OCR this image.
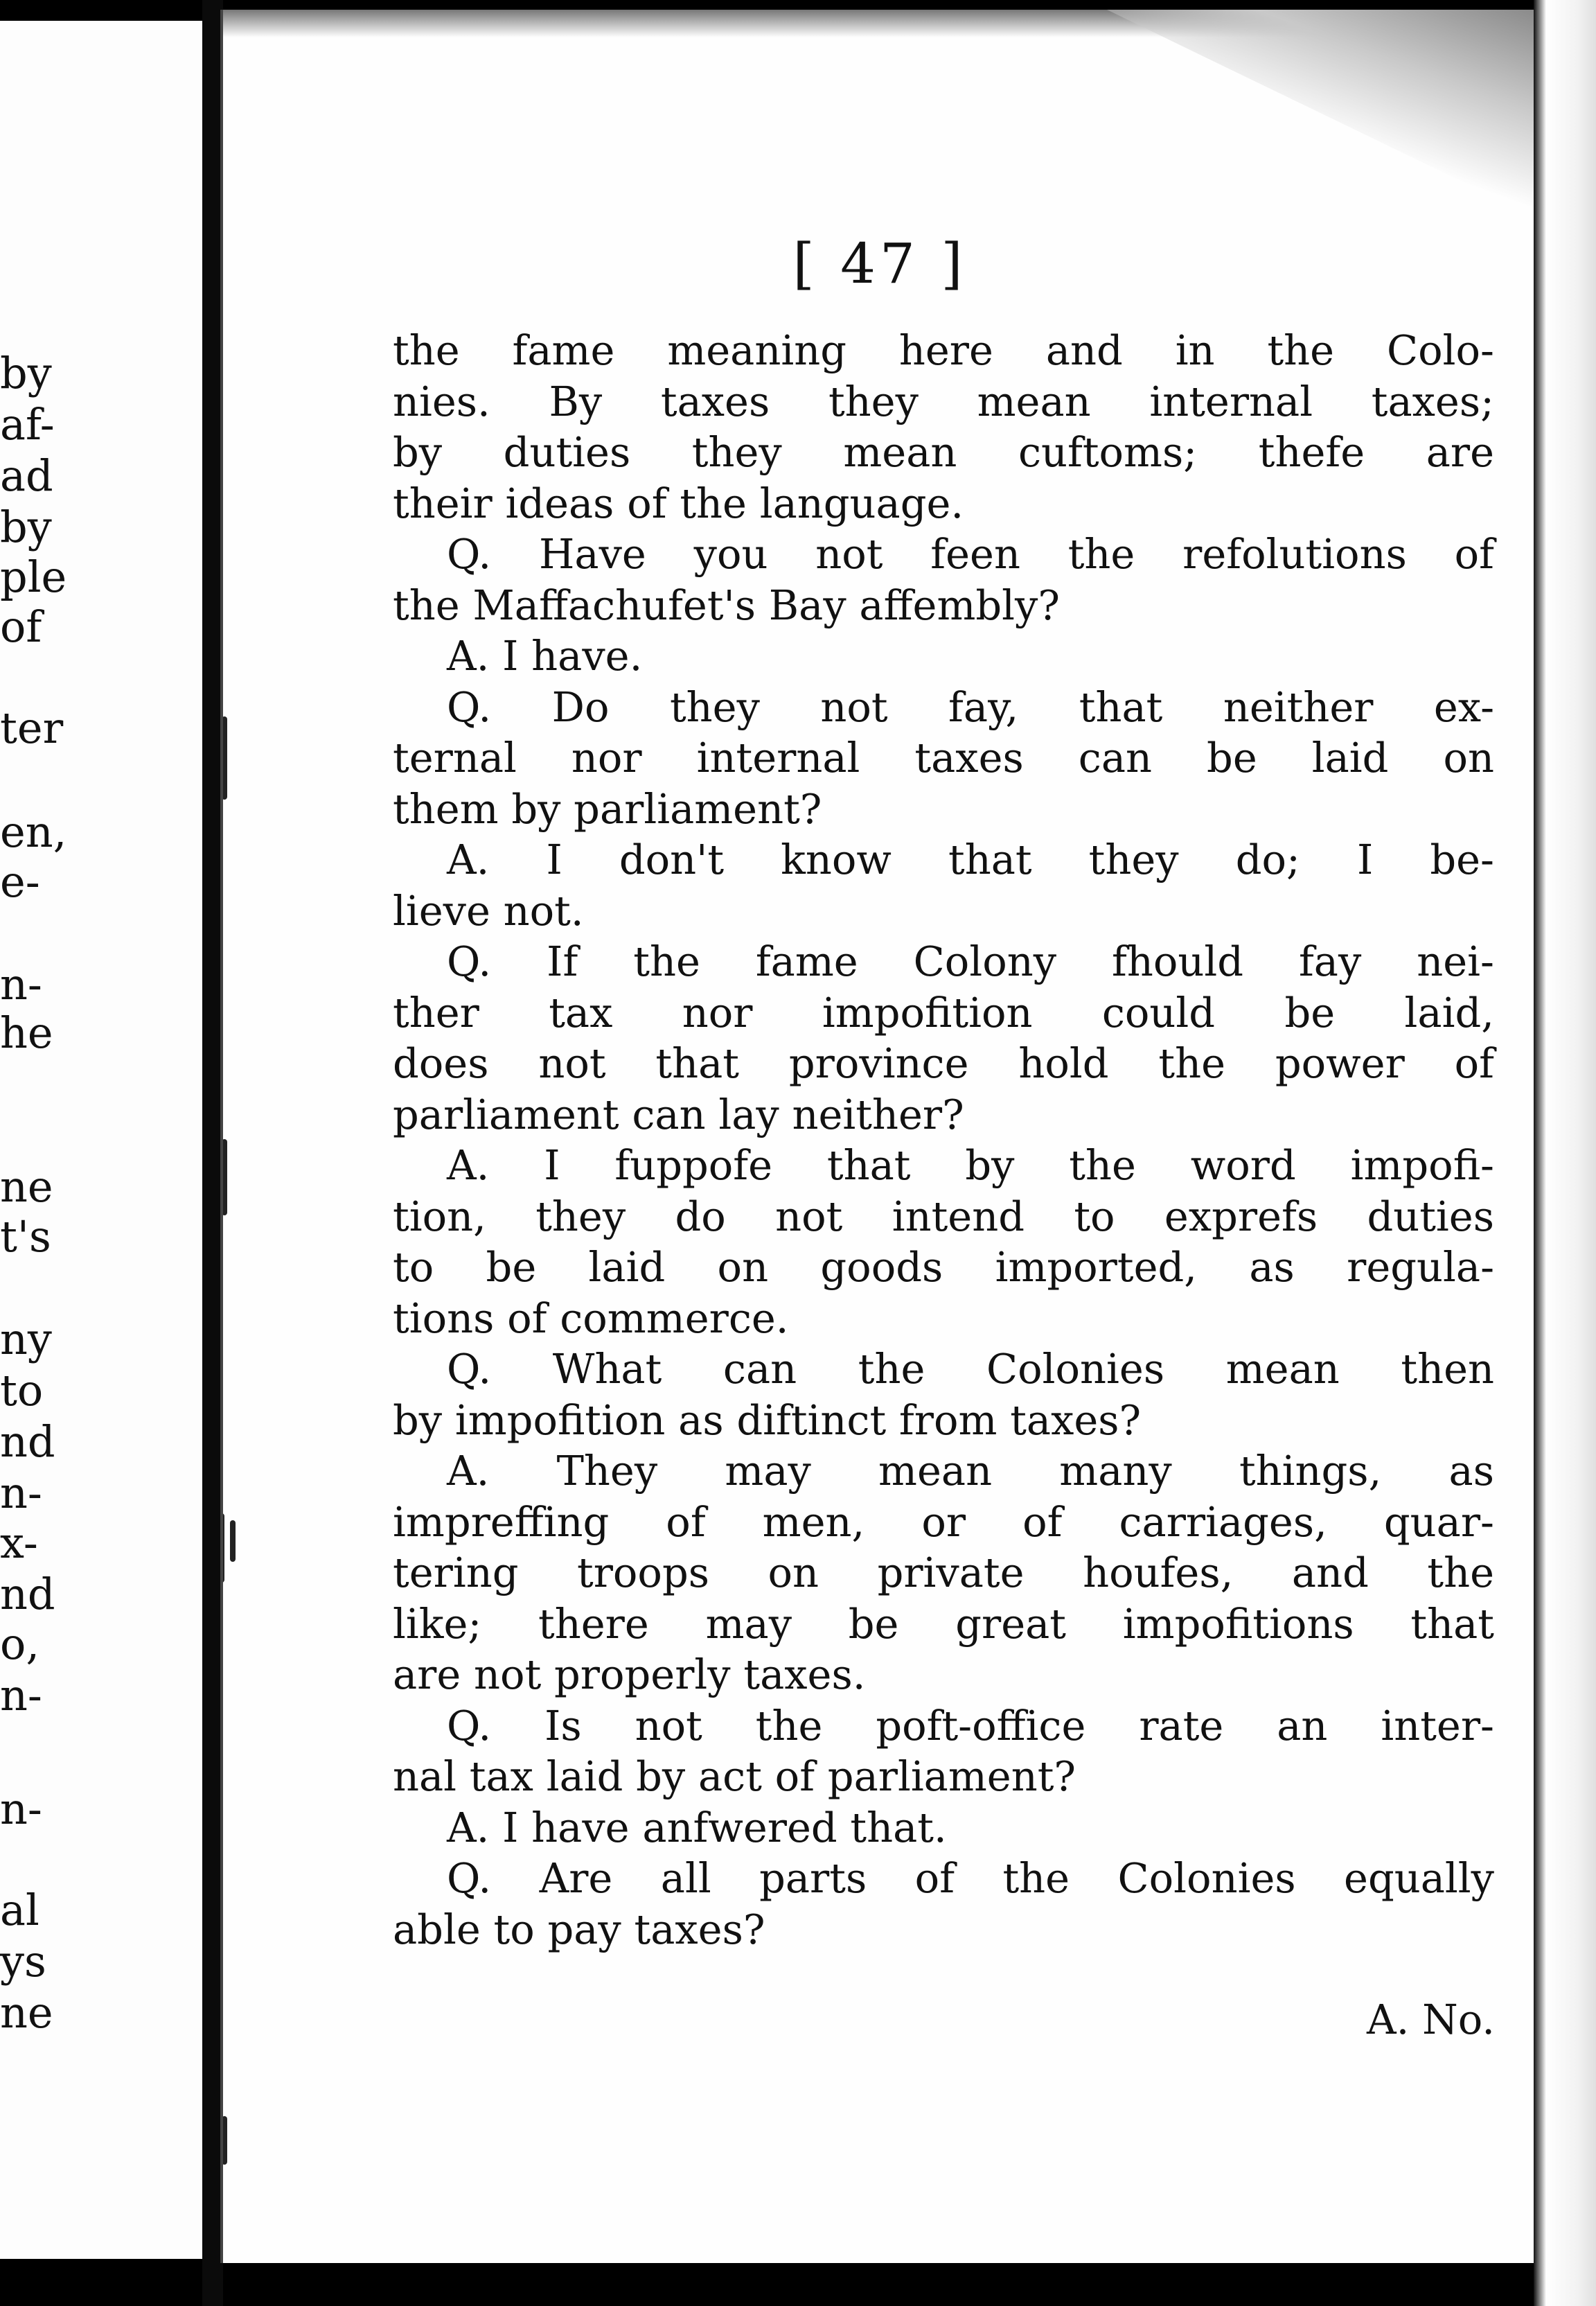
by
af-
ad
by
ple
of
ter
en,
e-
n-
he
ne
t's
ny
to
nd
n-
x-
nd
o,
n-
n-
al
ys
ne
[ 47 ]
the fame meaning here and in the Colo-
nies. By taxes they mean internal taxes;
by duties they mean cuftoms; thefe are
their ideas of the language.
Q. Have you not feen the refolutions of
the Maffachufet's Bay affembly?
A. I have.
Q. Do they not fay, that neither ex-
ternal nor internal taxes can be laid on
them by parliament?
A. I don't know that they do; I be-
lieve not.
Q. If the fame Colony fhould fay nei-
ther tax nor impofition could be laid,
does not that province hold the power of
parliament can lay neither?
A. I fuppofe that by the word impofi-
tion, they do not intend to exprefs duties
to be laid on goods imported, as regula-
tions of commerce.
Q. What can the Colonies mean then
by impofition as diftinct from taxes?
A. They may mean many things, as
impreffing of men, or of carriages, quar-
tering troops on private houfes, and the
like; there may be great impofitions that
are not properly taxes.
Q. Is not the poft-office rate an inter-
nal tax laid by act of parliament?
A. I have anfwered that.
Q. Are all parts of the Colonies equally
able to pay taxes?
A. No.
